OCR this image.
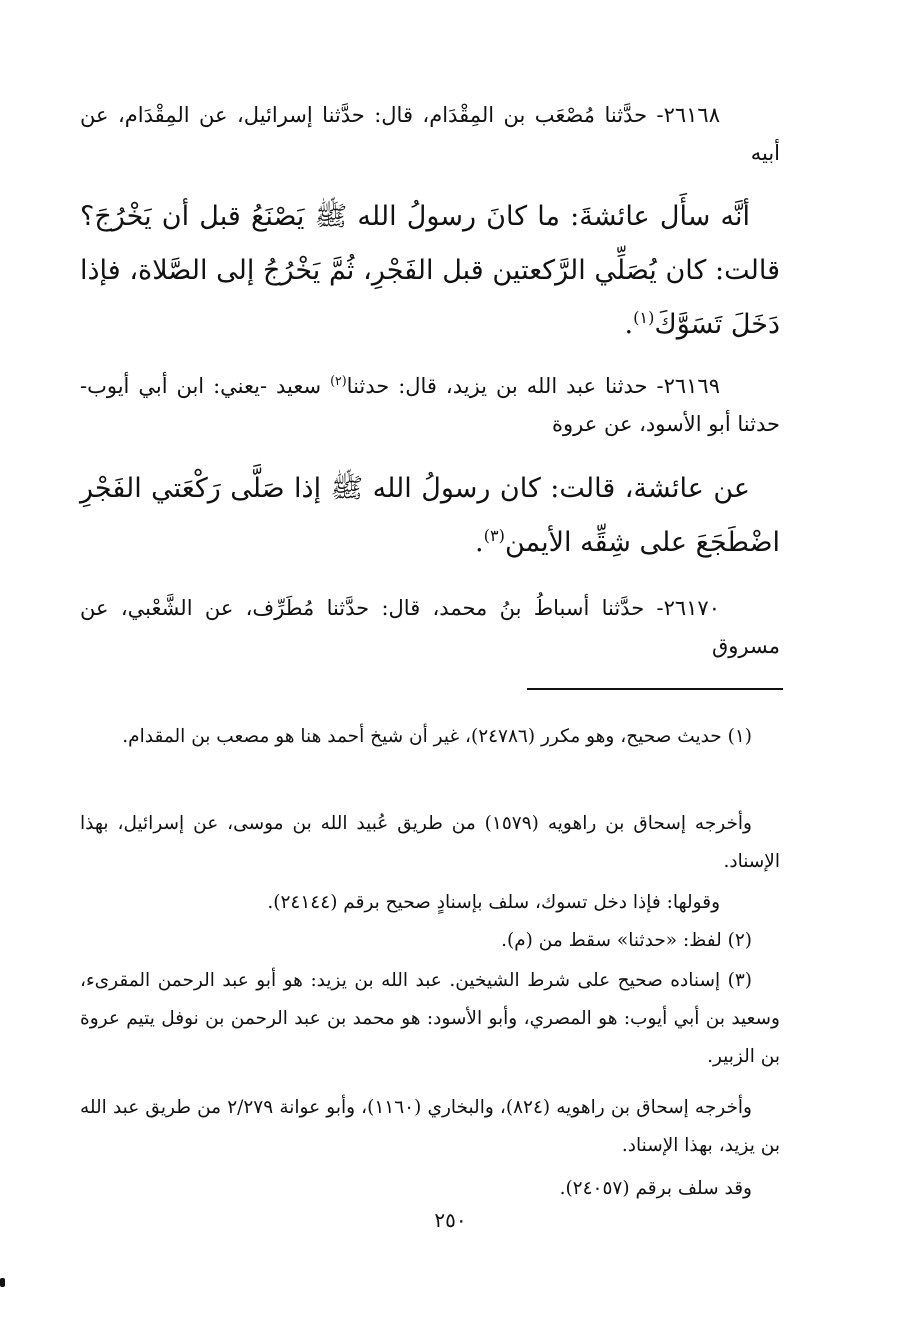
٢٦١٦٨- حدَّثنا مُصْعَب بن المِقْدَام، قال: حدَّثنا إسرائيل، عن المِقْدَام، عن أبيه

أنَّه سأَل عائشةَ: ما كانَ رسولُ الله ﷺ يَصْنَعُ قبل أن يَخْرُجَ؟ قالت: كان يُصَلِّي الرَّكعتين قبل الفَجْرِ، ثُمَّ يَخْرُجُ إلى الصَّلاة، فإذا دَخَلَ تَسَوَّكَ$^{(١)}$.

٢٦١٦٩- حدثنا عبد الله بن يزيد، قال: حدثنا$^{(٢)}$ سعيد -يعني: ابن أبي أيوب- حدثنا أبو الأسود، عن عروة

عن عائشة، قالت: كان رسولُ الله ﷺ إذا صَلَّى رَكْعَتي الفَجْرِ اضْطَجَعَ على شِقِّه الأيمن$^{(٣)}$.

٢٦١٧٠- حدَّثنا أسباطُ بنُ محمد، قال: حدَّثنا مُطَرِّف، عن الشَّعْبي، عن مسروق

(١) حديث صحيح، وهو مكرر (٢٤٧٨٦)، غير أن شيخ أحمد هنا هو مصعب بن المقدام.

وأخرجه إسحاق بن راهويه (١٥٧٩) من طريق عُبيد الله بن موسى، عن إسرائيل، بهذا الإسناد.

وقولها: فإذا دخل تسوك، سلف بإسنادٍ صحيح برقم (٢٤١٤٤).

(٢) لفظ: «حدثنا» سقط من (م).

(٣) إسناده صحيح على شرط الشيخين. عبد الله بن يزيد: هو أبو عبد الرحمن المقرىء، وسعيد بن أبي أيوب: هو المصري، وأبو الأسود: هو محمد بن عبد الرحمن بن نوفل يتيم عروة بن الزبير.

وأخرجه إسحاق بن راهويه (٨٢٤)، والبخاري (١١٦٠)، وأبو عوانة ٢/٢٧٩ من طريق عبد الله بن يزيد، بهذا الإسناد.

وقد سلف برقم (٢٤٠٥٧).

٢٥٠
